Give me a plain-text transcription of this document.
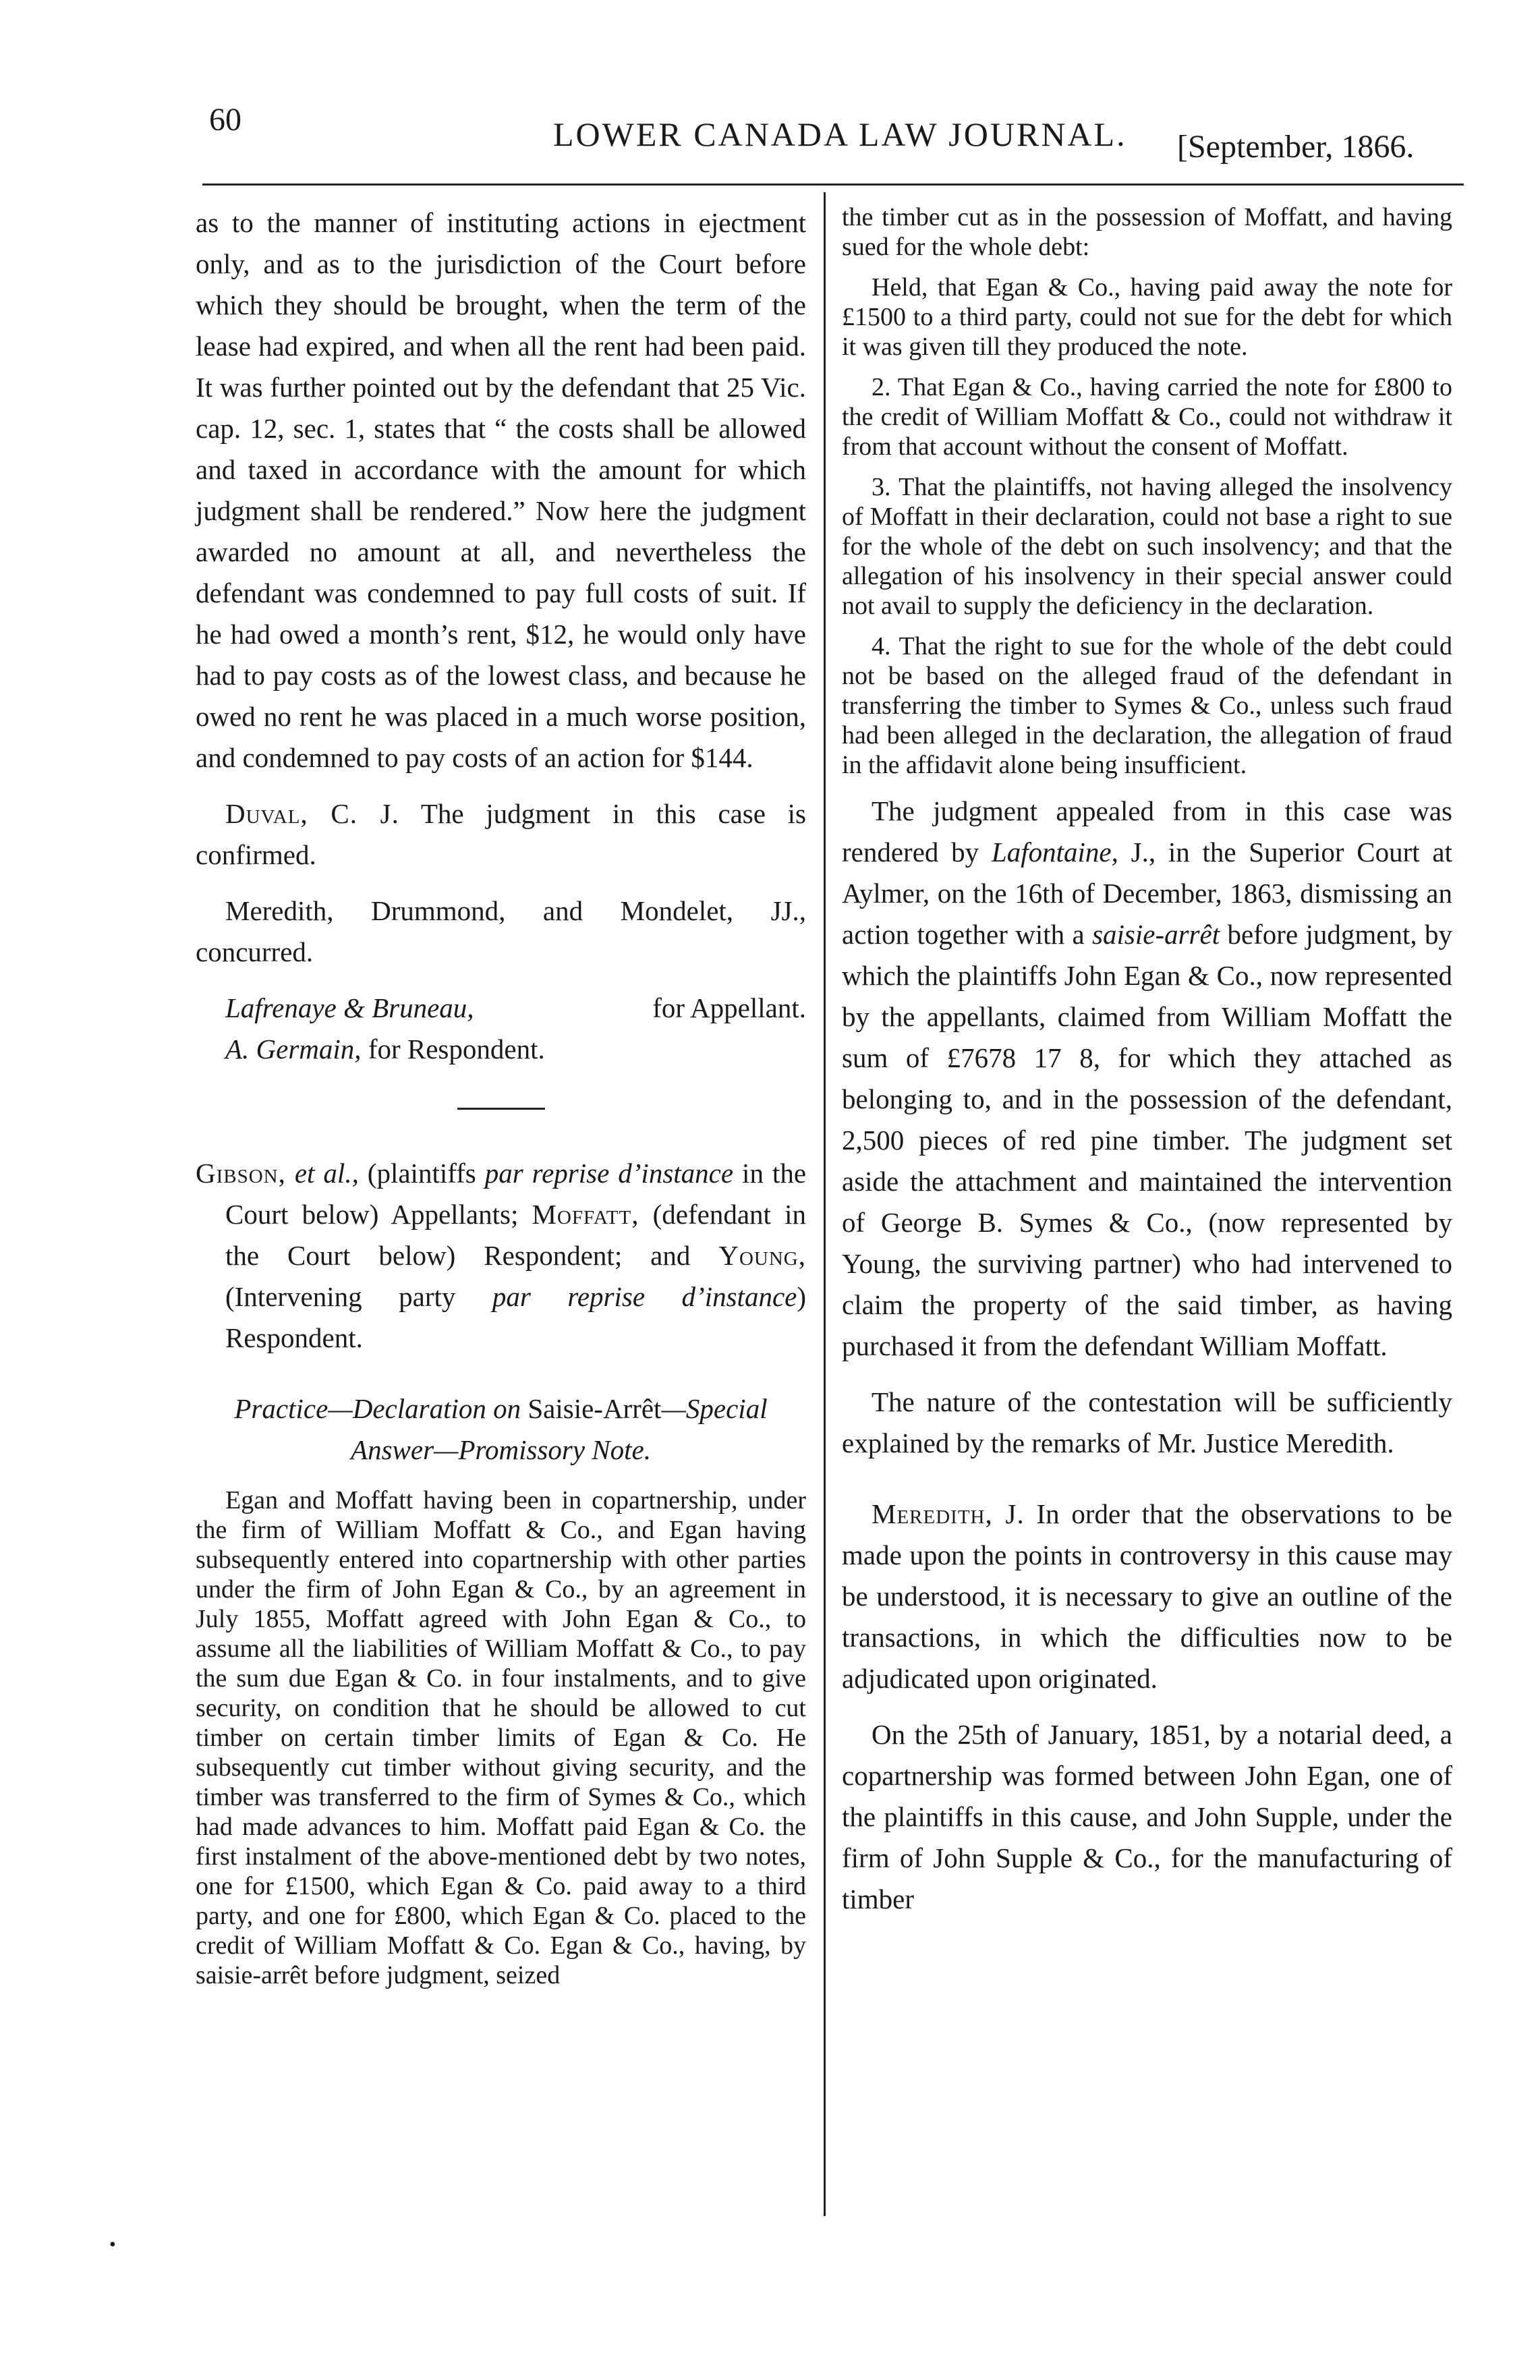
60	LOWER CANADA LAW JOURNAL. [September, 1866.

as to the manner of instituting actions in ejectment only, and as to the jurisdiction of the Court before which they should be brought, when the term of the lease had expired, and when all the rent had been paid. It was further pointed out by the defendant that 25 Vic. cap. 12, sec. 1, states that “ the costs shall be allowed and taxed in accordance with the amount for which judgment shall be rendered.” Now here the judgment awarded no amount at all, and nevertheless the defendant was condemned to pay full costs of suit. If he had owed a month’s rent, $12, he would only have had to pay costs as of the lowest class, and because he owed no rent he was placed in a much worse position, and condemned to pay costs of an action for $144.

Duval, C. J. The judgment in this case is confirmed.

Meredith, Drummond, and Mondelet, JJ., concurred.

Lafrenaye & Bruneau,	for Appellant.

A. Germain, for Respondent.

Gibson, et al., (plaintiffs par reprise d’instance in the Court below) Appellants; Moffatt, (defendant in the Court below) Respondent; and Young, (Intervening party par reprise d’instance) Respondent.

Practice—Declaration on Saisie-Arrêt—Special Answer—Promissory Note.

Egan and Moffatt having been in copartnership, under the firm of William Moffatt & Co., and Egan having subsequently entered into copartnership with other parties under the firm of John Egan & Co., by an agreement in July 1855, Moffatt agreed with John Egan & Co., to assume all the liabilities of William Moffatt & Co., to pay the sum due Egan & Co. in four instalments, and to give security, on condition that he should be allowed to cut timber on certain timber limits of Egan & Co. He subsequently cut timber without giving security, and the timber was transferred to the firm of Symes & Co., which had made advances to him. Moffatt paid Egan & Co. the first instalment of the above-mentioned debt by two notes, one for £1500, which Egan & Co. paid away to a third party, and one for £800, which Egan & Co. placed to the credit of William Moffatt & Co. Egan & Co., having, by saisie-arrêt before judgment, seized

the timber cut as in the possession of Moffatt, and having sued for the whole debt:

Held, that Egan & Co., having paid away the note for £1500 to a third party, could not sue for the debt for which it was given till they produced the note.

2. That Egan & Co., having carried the note for £800 to the credit of William Moffatt & Co., could not withdraw it from that account without the consent of Moffatt.

3. That the plaintiffs, not having alleged the insolvency of Moffatt in their declaration, could not base a right to sue for the whole of the debt on such insolvency; and that the allegation of his insolvency in their special answer could not avail to supply the deficiency in the declaration.

4. That the right to sue for the whole of the debt could not be based on the alleged fraud of the defendant in transferring the timber to Symes & Co., unless such fraud had been alleged in the declaration, the allegation of fraud in the affidavit alone being insufficient.

The judgment appealed from in this case was rendered by Lafontaine, J., in the Superior Court at Aylmer, on the 16th of December, 1863, dismissing an action together with a saisie-arrêt before judgment, by which the plaintiffs John Egan & Co., now represented by the appellants, claimed from William Moffatt the sum of £7678 17 8, for which they attached as belonging to, and in the possession of the defendant, 2,500 pieces of red pine timber. The judgment set aside the attachment and maintained the intervention of George B. Symes & Co., (now represented by Young, the surviving partner) who had intervened to claim the property of the said timber, as having purchased it from the defendant William Moffatt.

The nature of the contestation will be sufficiently explained by the remarks of Mr. Justice Meredith.

Meredith, J. In order that the observations to be made upon the points in controversy in this cause may be understood, it is necessary to give an outline of the transactions, in which the difficulties now to be adjudicated upon originated.

On the 25th of January, 1851, by a notarial deed, a copartnership was formed between John Egan, one of the plaintiffs in this cause, and John Supple, under the firm of John Supple & Co., for the manufacturing of timber

•
